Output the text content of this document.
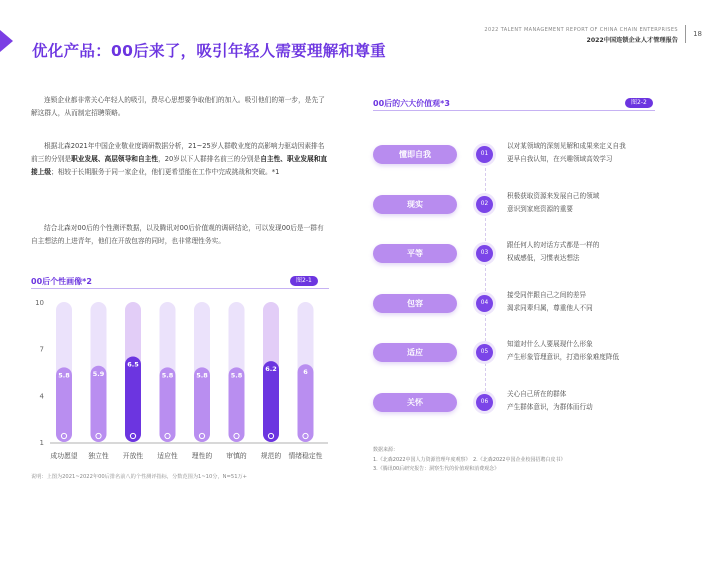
优化产品：00后来了，吸引年轻人需要理解和尊重
2022 TALENT MANAGEMENT REPORT OF CHINA CHAIN ENTERPRISES
2022中国连锁企业人才管理报告
18
连锁企业都非常关心年轻人的吸引，费尽心思想要争取他们的加入。吸引他们的第一步，是先了解这群人，从而制定招聘策略。
根据北森2021年中国企业敬业度调研数据分析，21~25岁人群敬业度的高影响力驱动因素排名前三的分别是职业发展、高层领导和自主性，20岁以下人群排名前三的分别是自主性、职业发展和直接上级；相较于长期服务于同一家企业，他们更希望能在工作中完成挑战和突破。*1
结合北森对00后的个性测评数据，以及腾讯对00后价值观的调研结论，可以发现00后是一群有自主想法的上进青年，他们在开放包容的同时，也非常理性务实。
00后个性画像*2	图2-1
1
4
7
10
5.8
成功愿望
5.9
独立性
6.5
开放性
5.8
适应性
5.8
理性的
5.8
审慎的
6.2
规范的
6
情绪稳定性
说明：上图为2021~2022年00后排名前八的个性测评指标，分数范围为1~10分，N=51万+
00后的六大价值观*3	图2-2
懂即自我	01
以对某领域的深刻见解和成果来定义自我
更早自我认知，在兴趣领域高效学习
现实	02
积极获取资源来发展自己的领域
意识到家庭资源的重要
平等	03
跟任何人的对话方式都是一样的
权威感低，习惯表达想法
包容	04
接受同伴跟自己之间的差异
渴求同辈归属，尊重他人不同
适应	05
知道对什么人要展现什么形象
产生形象管理意识，打造形象难度降低
关怀	06
关心自己所在的群体
产生群体意识，为群体而行动
数据来源：
1.《北森2022中国人力资源管理年度观察》　2.《北森2022中国企业校园招聘白皮书》
3.《腾讯00后研究报告：洞察生代的价值观和消费观念》
